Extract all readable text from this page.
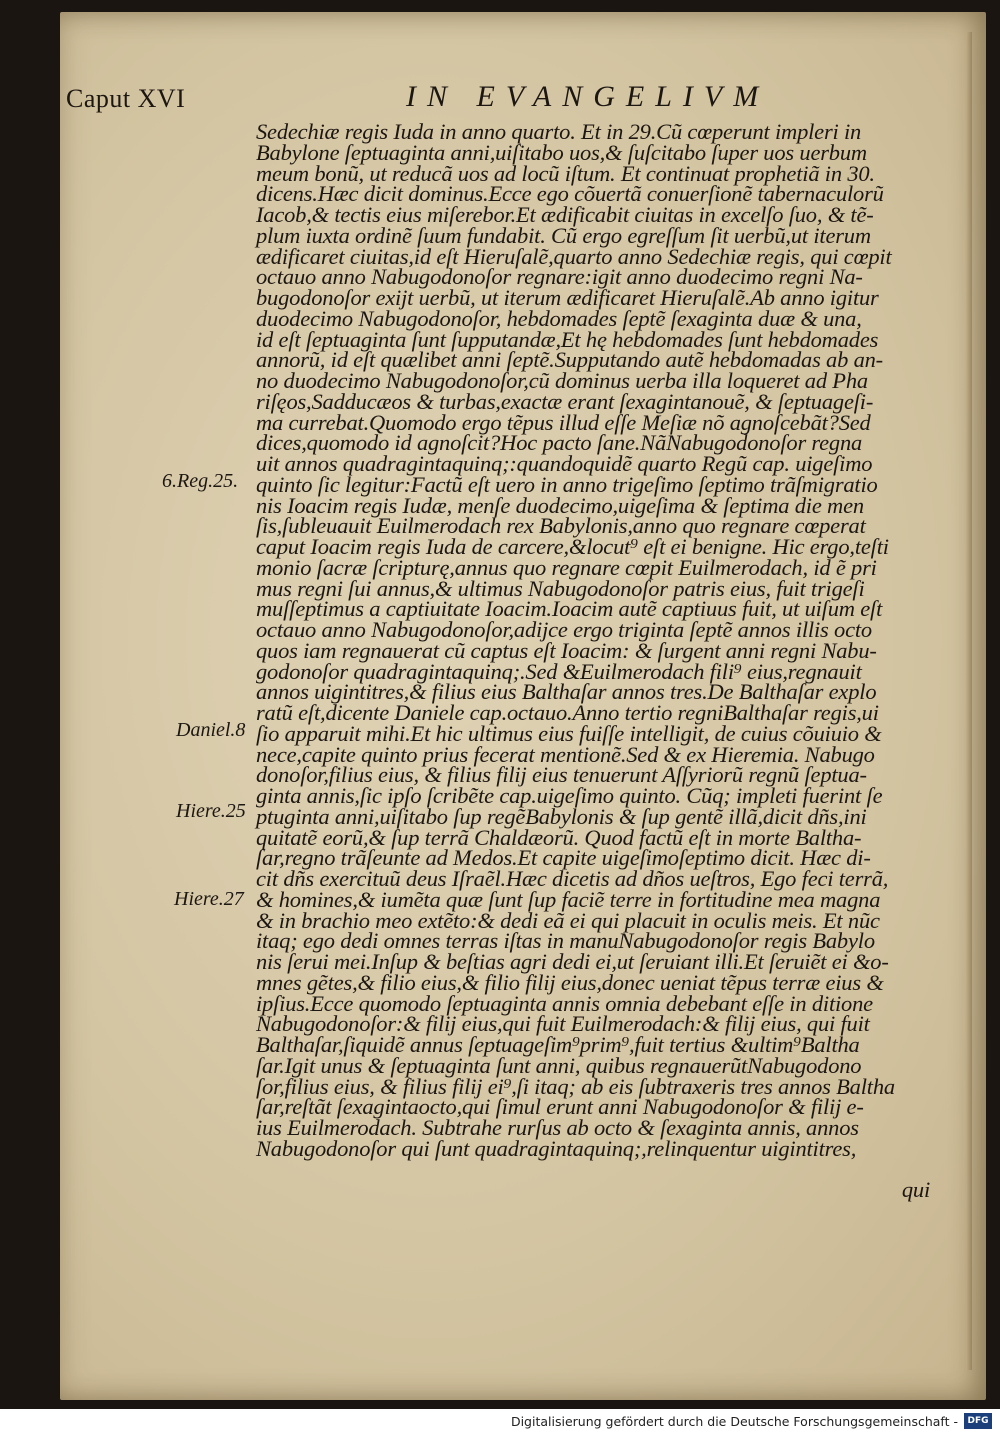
Caput XVI	IN EVANGELIVM
6.Reg.25.
Daniel.8
Hiere.25
Hiere.27
Sedechiæ regis Iuda in anno quarto. Et in 29.Cũ cœperunt impleri in
Babylone ſeptuaginta anni,uiſitabo uos,& ſuſcitabo ſuper uos uerbum
meum bonũ, ut reducã uos ad locũ iſtum. Et continuat prophetiã in 30.
dicens.Hæc dicit dominus.Ecce ego cõuertã conuerſionẽ tabernaculorũ
Iacob,& tectis eius miſerebor.Et ædificabit ciuitas in excelſo ſuo, & tẽ-
plum iuxta ordinẽ ſuum fundabit. Cũ ergo egreſſum ſit uerbũ,ut iterum
ædificaret ciuitas,id eſt Hieruſalẽ,quarto anno Sedechiæ regis, qui cœpit
octauo anno Nabugodonoſor regnare:igit anno duodecimo regni Na-
bugodonoſor exijt uerbũ, ut iterum ædificaret Hieruſalẽ.Ab anno igitur
duodecimo Nabugodonoſor, hebdomades ſeptẽ ſexaginta duæ & una,
id eſt ſeptuaginta ſunt ſupputandæ,Et hę hebdomades ſunt hebdomades
annorũ, id eſt quælibet anni ſeptẽ.Supputando autẽ hebdomadas ab an-
no duodecimo Nabugodonoſor,cũ dominus uerba illa loqueret ad Pha
riſęos,Sadducæos & turbas,exactæ erant ſexagintanouẽ, & ſeptuageſi-
ma currebat.Quomodo ergo tẽpus illud eſſe Meſiæ nõ agnoſcebãt?Sed
dices,quomodo id agnoſcit?Hoc pacto ſane.NãNabugodonoſor regna
uit annos quadragintaquinq;:quandoquidẽ quarto Regũ cap. uigeſimo
quinto ſic legitur:Factũ eſt uero in anno trigeſimo ſeptimo trãſmigratio
nis Ioacim regis Iudæ, menſe duodecimo,uigeſima & ſeptima die men
ſis,ſubleuauit Euilmerodach rex Babylonis,anno quo regnare cœperat
caput Ioacim regis Iuda de carcere,&locut⁹ eſt ei benigne. Hic ergo,teſti
monio ſacræ ſcripturę,annus quo regnare cœpit Euilmerodach, id ẽ pri
mus regni ſui annus,& ultimus Nabugodonoſor patris eius, fuit trigeſi
muſſeptimus a captiuitate Ioacim.Ioacim autẽ captiuus fuit, ut uiſum eſt
octauo anno Nabugodonoſor,adijce ergo triginta ſeptẽ annos illis octo
quos iam regnauerat cũ captus eſt Ioacim: & ſurgent anni regni Nabu-
godonoſor quadragintaquinq;.Sed &Euilmerodach fili⁹ eius,regnauit
annos uigintitres,& filius eius Balthaſar annos tres.De Balthaſar explo
ratũ eſt,dicente Daniele cap.octauo.Anno tertio regniBalthaſar regis,ui
ſio apparuit mihi.Et hic ultimus eius fuiſſe intelligit, de cuius cõuiuio &
nece,capite quinto prius fecerat mentionẽ.Sed & ex Hieremia. Nabugo
donoſor,filius eius, & filius filij eius tenuerunt Aſſyriorũ regnũ ſeptua-
ginta annis,ſic ipſo ſcribẽte cap.uigeſimo quinto. Cũq; impleti fuerint ſe
ptuginta anni,uiſitabo ſup regẽBabylonis & ſup gentẽ illã,dicit dñs,ini
quitatẽ eorũ,& ſup terrã Chaldæorũ. Quod factũ eſt in morte Baltha-
ſar,regno trãſeunte ad Medos.Et capite uigeſimoſeptimo dicit. Hæc di-
cit dñs exercituũ deus Iſraẽl.Hæc dicetis ad dños ueſtros, Ego feci terrã,
& homines,& iumẽta quæ ſunt ſup faciẽ terre in fortitudine mea magna
& in brachio meo extẽto:& dedi eã ei qui placuit in oculis meis. Et nũc
itaq; ego dedi omnes terras iſtas in manuNabugodonoſor regis Babylo
nis ſerui mei.Inſup & beſtias agri dedi ei,ut ſeruiant illi.Et ſeruiẽt ei &o-
mnes gẽtes,& filio eius,& filio filij eius,donec ueniat tẽpus terræ eius &
ipſius.Ecce quomodo ſeptuaginta annis omnia debebant eſſe in ditione
Nabugodonoſor:& filij eius,qui fuit Euilmerodach:& filij eius, qui fuit
Balthaſar,ſiquidẽ annus ſeptuageſim⁹prim⁹,fuit tertius &ultim⁹Baltha
ſar.Igit unus & ſeptuaginta ſunt anni, quibus regnauerũtNabugodono
ſor,filius eius, & filius filij ei⁹,ſi itaq; ab eis ſubtraxeris tres annos Baltha
ſar,reſtãt ſexagintaocto,qui ſimul erunt anni Nabugodonoſor & filij e-
ius Euilmerodach. Subtrahe rurſus ab octo & ſexaginta annis, annos
Nabugodonoſor qui ſunt quadragintaquinq;,relinquentur uigintitres,
qui
Digitalisierung gefördert durch die Deutsche Forschungsgemeinschaft -	DFG
